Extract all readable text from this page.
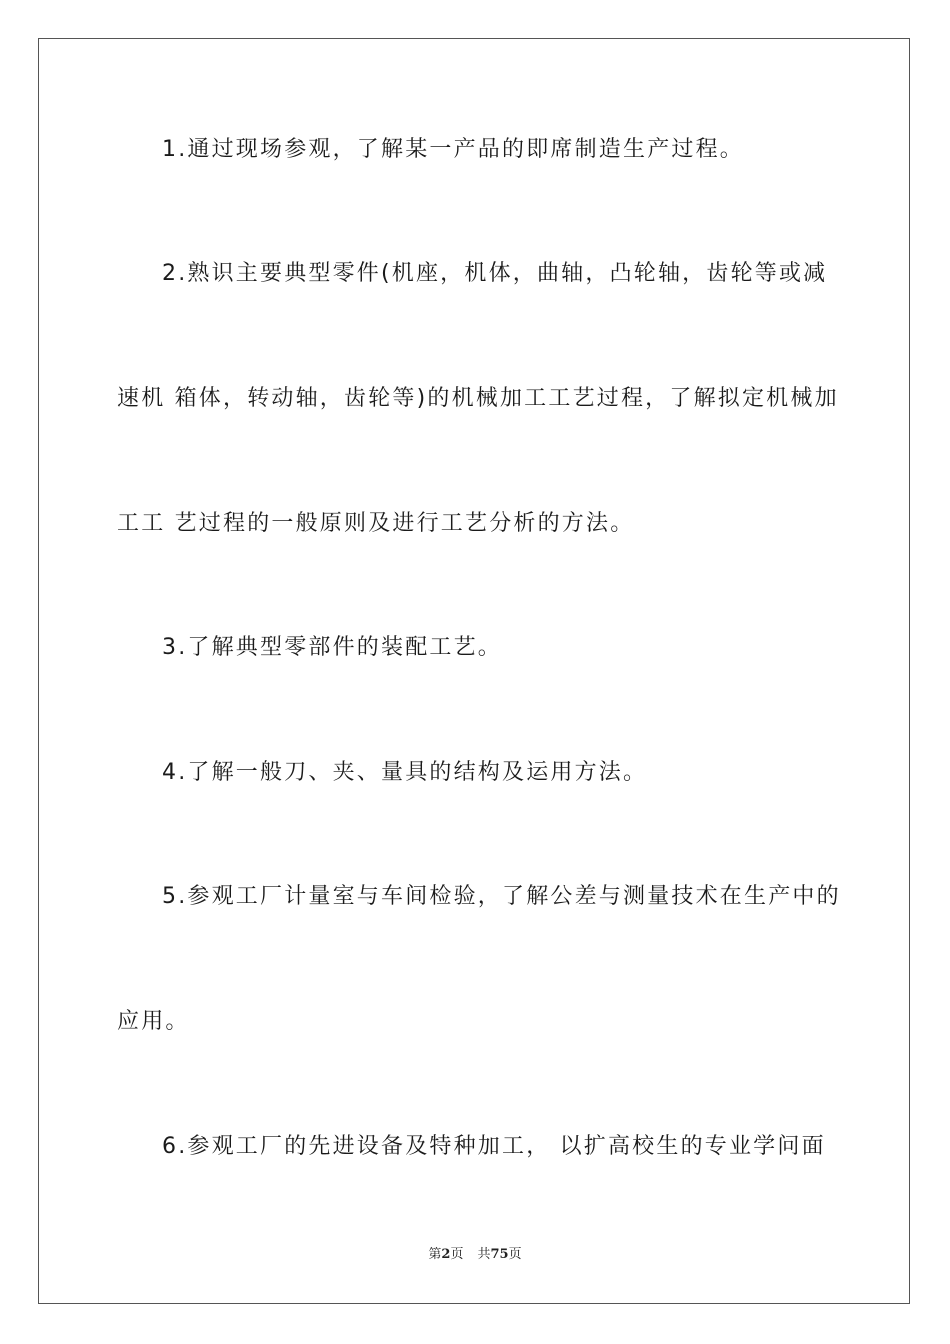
1.通过现场参观，了解某一产品的即席制造生产过程。
2.熟识主要典型零件(机座，机体，曲轴，凸轮轴，齿轮等或减
速机 箱体，转动轴，齿轮等)的机械加工工艺过程，了解拟定机械加
工工 艺过程的一般原则及进行工艺分析的方法。
3.了解典型零部件的装配工艺。
4.了解一般刀、夹、量具的结构及运用方法。
5.参观工厂计量室与车间检验，了解公差与测量技术在生产中的
应用。
6.参观工厂的先进设备及特种加工， 以扩高校生的专业学问面
第2页 共75页
